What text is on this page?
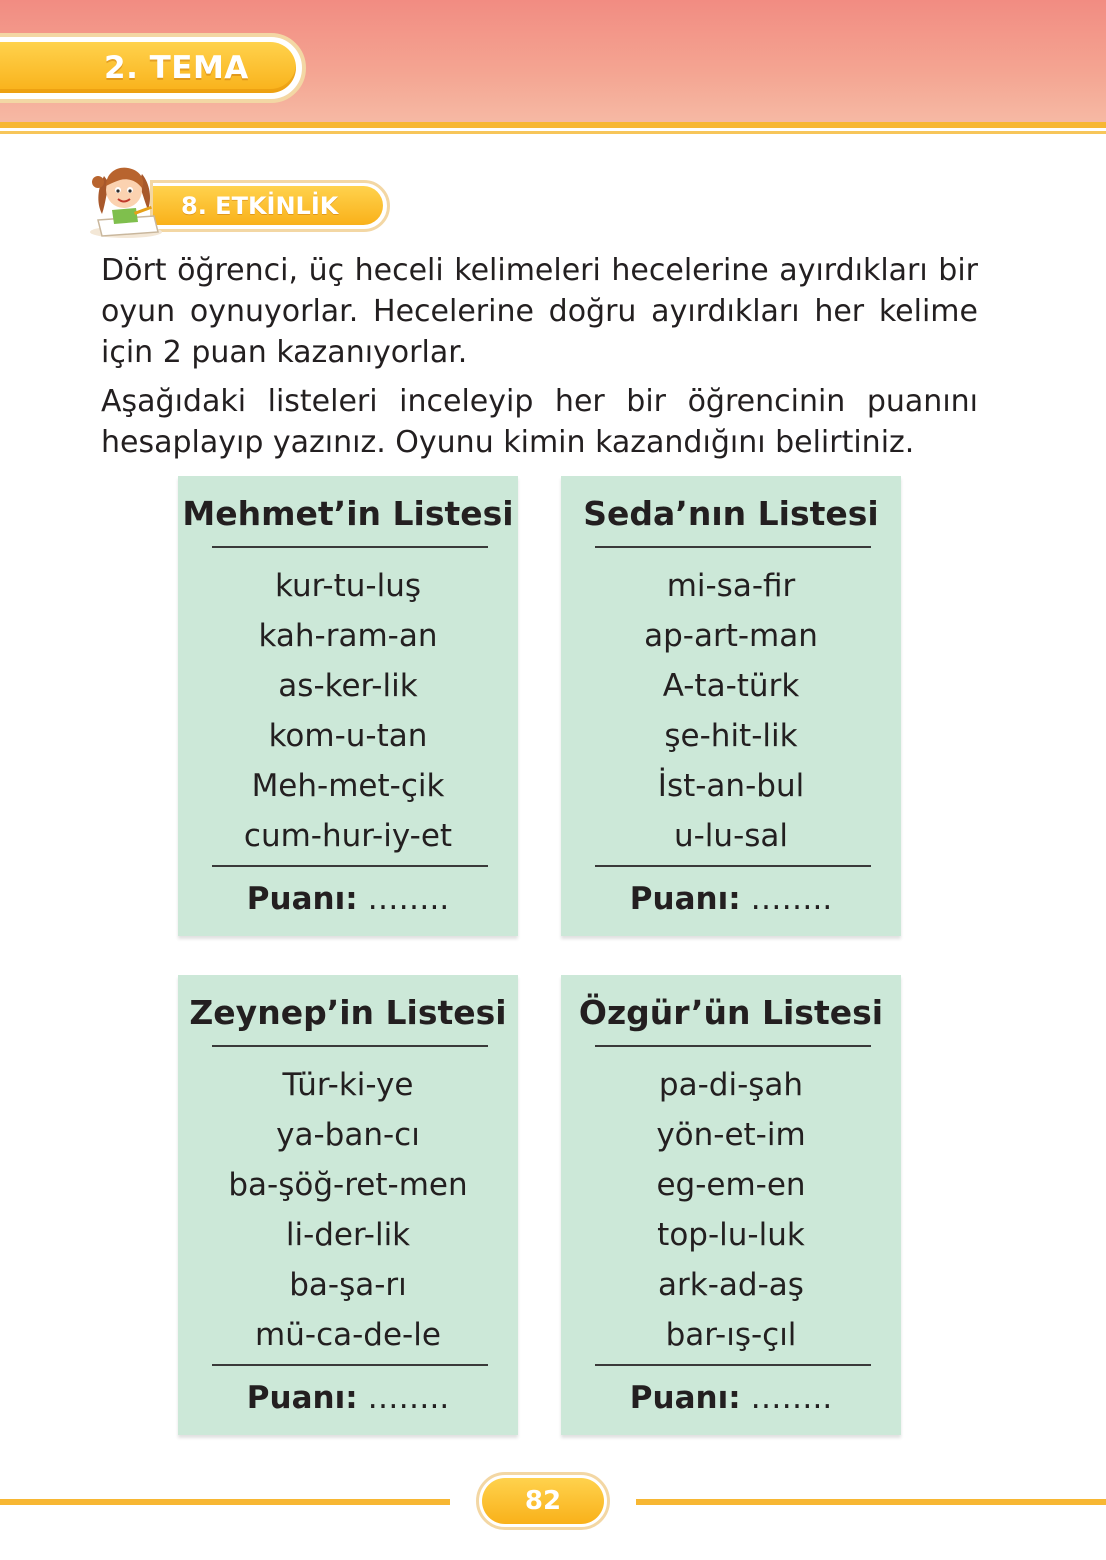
2. TEMA
8. ETKİNLİK

Dört öğrenci, üç heceli kelimeleri hecelerine ayırdıkları bir oyun oynuyorlar. Hecelerine doğru ayırdıkları her kelime için 2 puan kazanıyorlar.

Aşağıdaki listeleri inceleyip her bir öğrencinin puanını hesaplayıp yazınız. Oyunu kimin kazandığını belirtiniz.

Mehmet’in Listesi
kur-tu-luş
kah-ram-an
as-ker-lik
kom-u-tan
Meh-met-çik
cum-hur-iy-et
Puanı: ……..
Seda’nın Listesi
mi-sa-fir
ap-art-man
A-ta-türk
şe-hit-lik
İst-an-bul
u-lu-sal
Puanı: ……..
Zeynep’in Listesi
Tür-ki-ye
ya-ban-cı
ba-şöğ-ret-men
li-der-lik
ba-şa-rı
mü-ca-de-le
Puanı: ……..
Özgür’ün Listesi
pa-di-şah
yön-et-im
eg-em-en
top-lu-luk
ark-ad-aş
bar-ış-çıl
Puanı: ……..
82
